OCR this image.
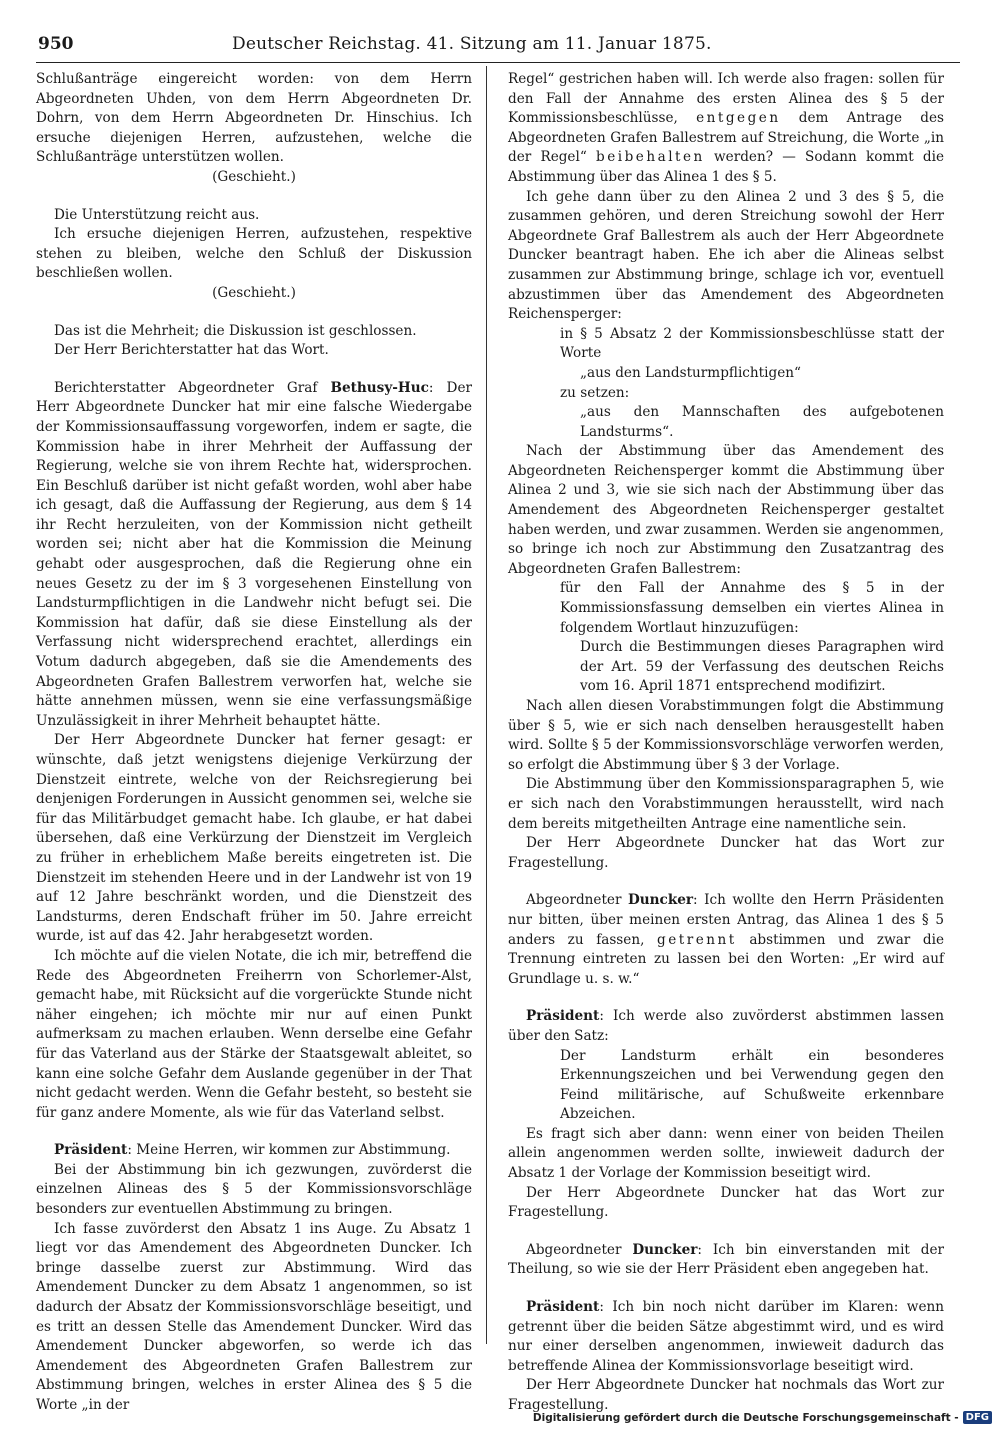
950	Deutscher Reichstag. 41. Sitzung am 11. Januar 1875.

Schlußanträge eingereicht worden: von dem Herrn Abgeordneten Uhden, von dem Herrn Abgeordneten Dr. Dohrn, von dem Herrn Abgeordneten Dr. Hinschius. Ich ersuche diejenigen Herren, aufzustehen, welche die Schlußanträge unterstützen wollen.

(Geschieht.)

Die Unterstützung reicht aus.

Ich ersuche diejenigen Herren, aufzustehen, respektive stehen zu bleiben, welche den Schluß der Diskussion beschließen wollen.

(Geschieht.)

Das ist die Mehrheit; die Diskussion ist geschlossen.

Der Herr Berichterstatter hat das Wort.

Berichterstatter Abgeordneter Graf Bethusy-Huc: Der Herr Abgeordnete Duncker hat mir eine falsche Wiedergabe der Kommissionsauffassung vorgeworfen, indem er sagte, die Kommission habe in ihrer Mehrheit der Auffassung der Regierung, welche sie von ihrem Rechte hat, widersprochen. Ein Beschluß darüber ist nicht gefaßt worden, wohl aber habe ich gesagt, daß die Auffassung der Regierung, aus dem § 14 ihr Recht herzuleiten, von der Kommission nicht getheilt worden sei; nicht aber hat die Kommission die Meinung gehabt oder ausgesprochen, daß die Regierung ohne ein neues Gesetz zu der im § 3 vorgesehenen Einstellung von Landsturmpflichtigen in die Landwehr nicht befugt sei. Die Kommission hat dafür, daß sie diese Einstellung als der Verfassung nicht widersprechend erachtet, allerdings ein Votum dadurch abgegeben, daß sie die Amendements des Abgeordneten Grafen Ballestrem verworfen hat, welche sie hätte annehmen müssen, wenn sie eine verfassungsmäßige Unzulässigkeit in ihrer Mehrheit behauptet hätte.

Der Herr Abgeordnete Duncker hat ferner gesagt: er wünschte, daß jetzt wenigstens diejenige Verkürzung der Dienstzeit eintrete, welche von der Reichsregierung bei denjenigen Forderungen in Aussicht genommen sei, welche sie für das Militärbudget gemacht habe. Ich glaube, er hat dabei übersehen, daß eine Verkürzung der Dienstzeit im Vergleich zu früher in erheblichem Maße bereits eingetreten ist. Die Dienstzeit im stehenden Heere und in der Landwehr ist von 19 auf 12 Jahre beschränkt worden, und die Dienstzeit des Landsturms, deren Endschaft früher im 50. Jahre erreicht wurde, ist auf das 42. Jahr herabgesetzt worden.

Ich möchte auf die vielen Notate, die ich mir, betreffend die Rede des Abgeordneten Freiherrn von Schorlemer-Alst, gemacht habe, mit Rücksicht auf die vorgerückte Stunde nicht näher eingehen; ich möchte mir nur auf einen Punkt aufmerksam zu machen erlauben. Wenn derselbe eine Gefahr für das Vaterland aus der Stärke der Staatsgewalt ableitet, so kann eine solche Gefahr dem Auslande gegenüber in der That nicht gedacht werden. Wenn die Gefahr besteht, so besteht sie für ganz andere Momente, als wie für das Vaterland selbst.

Präsident: Meine Herren, wir kommen zur Abstimmung.

Bei der Abstimmung bin ich gezwungen, zuvörderst die einzelnen Alineas des § 5 der Kommissionsvorschläge besonders zur eventuellen Abstimmung zu bringen.

Ich fasse zuvörderst den Absatz 1 ins Auge. Zu Absatz 1 liegt vor das Amendement des Abgeordneten Duncker. Ich bringe dasselbe zuerst zur Abstimmung. Wird das Amendement Duncker zu dem Absatz 1 angenommen, so ist dadurch der Absatz der Kommissionsvorschläge beseitigt, und es tritt an dessen Stelle das Amendement Duncker. Wird das Amendement Duncker abgeworfen, so werde ich das Amendement des Abgeordneten Grafen Ballestrem zur Abstimmung bringen, welches in erster Alinea des § 5 die Worte „in der

Regel“ gestrichen haben will. Ich werde also fragen: sollen für den Fall der Annahme des ersten Alinea des § 5 der Kommissionsbeschlüsse, entgegen dem Antrage des Abgeordneten Grafen Ballestrem auf Streichung, die Worte „in der Regel“ beibehalten werden? — Sodann kommt die Abstimmung über das Alinea 1 des § 5.

Ich gehe dann über zu den Alinea 2 und 3 des § 5, die zusammen gehören, und deren Streichung sowohl der Herr Abgeordnete Graf Ballestrem als auch der Herr Abgeordnete Duncker beantragt haben. Ehe ich aber die Alineas selbst zusammen zur Abstimmung bringe, schlage ich vor, eventuell abzustimmen über das Amendement des Abgeordneten Reichensperger:

in § 5 Absatz 2 der Kommissionsbeschlüsse statt der Worte

„aus den Landsturmpflichtigen“

zu setzen:

„aus den Mannschaften des aufgebotenen Landsturms“.

Nach der Abstimmung über das Amendement des Abgeordneten Reichensperger kommt die Abstimmung über Alinea 2 und 3, wie sie sich nach der Abstimmung über das Amendement des Abgeordneten Reichensperger gestaltet haben werden, und zwar zusammen. Werden sie angenommen, so bringe ich noch zur Abstimmung den Zusatzantrag des Abgeordneten Grafen Ballestrem:

für den Fall der Annahme des § 5 in der Kommissionsfassung demselben ein viertes Alinea in folgendem Wortlaut hinzuzufügen:

Durch die Bestimmungen dieses Paragraphen wird der Art. 59 der Verfassung des deutschen Reichs vom 16. April 1871 entsprechend modifizirt.

Nach allen diesen Vorabstimmungen folgt die Abstimmung über § 5, wie er sich nach denselben herausgestellt haben wird. Sollte § 5 der Kommissionsvorschläge verworfen werden, so erfolgt die Abstimmung über § 3 der Vorlage.

Die Abstimmung über den Kommissionsparagraphen 5, wie er sich nach den Vorabstimmungen herausstellt, wird nach dem bereits mitgetheilten Antrage eine namentliche sein.

Der Herr Abgeordnete Duncker hat das Wort zur Fragestellung.

Abgeordneter Duncker: Ich wollte den Herrn Präsidenten nur bitten, über meinen ersten Antrag, das Alinea 1 des § 5 anders zu fassen, getrennt abstimmen und zwar die Trennung eintreten zu lassen bei den Worten: „Er wird auf Grundlage u. s. w.“

Präsident: Ich werde also zuvörderst abstimmen lassen über den Satz:

Der Landsturm erhält ein besonderes Erkennungszeichen und bei Verwendung gegen den Feind militärische, auf Schußweite erkennbare Abzeichen.

Es fragt sich aber dann: wenn einer von beiden Theilen allein angenommen werden sollte, inwieweit dadurch der Absatz 1 der Vorlage der Kommission beseitigt wird.

Der Herr Abgeordnete Duncker hat das Wort zur Fragestellung.

Abgeordneter Duncker: Ich bin einverstanden mit der Theilung, so wie sie der Herr Präsident eben angegeben hat.

Präsident: Ich bin noch nicht darüber im Klaren: wenn getrennt über die beiden Sätze abgestimmt wird, und es wird nur einer derselben angenommen, inwieweit dadurch das betreffende Alinea der Kommissionsvorlage beseitigt wird.

Der Herr Abgeordnete Duncker hat nochmals das Wort zur Fragestellung.

Digitalisierung gefördert durch die Deutsche Forschungsgemeinschaft - DFG
